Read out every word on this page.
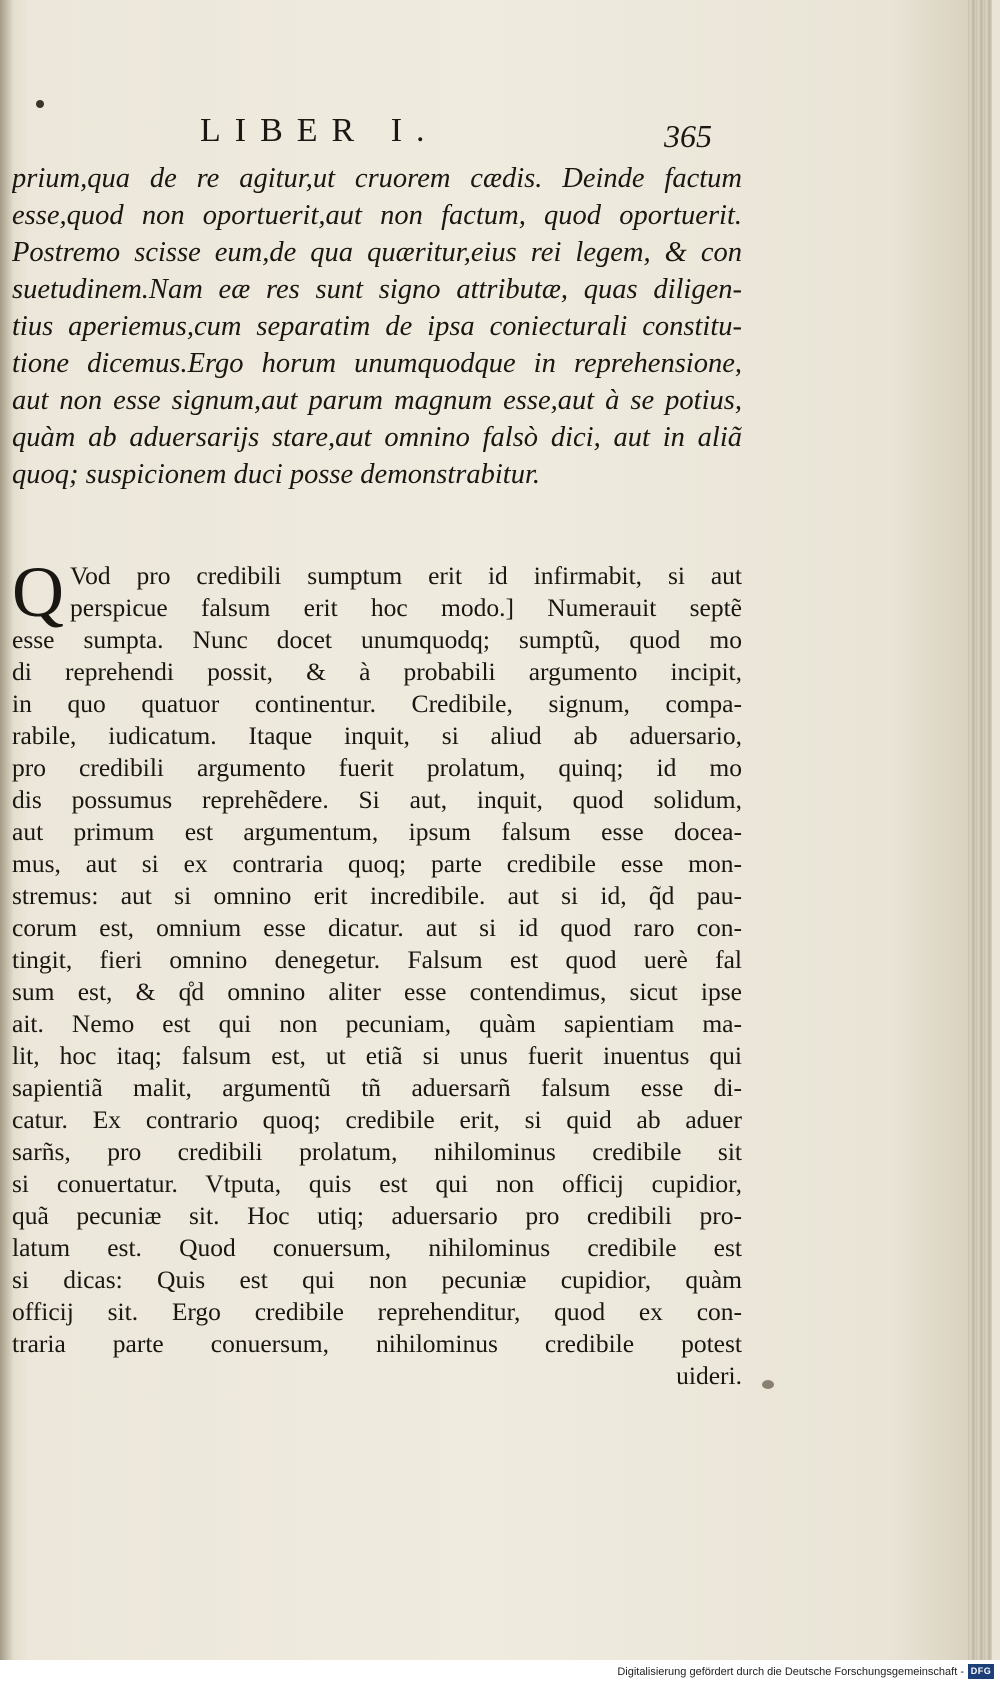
LIBER I.	365
prium,qua de re agitur,ut cruorem cædis. Deinde factum
esse,quod non oportuerit,aut non factum, quod oportuerit.
Postremo scisse eum,de qua quæritur,eius rei legem, & con
suetudinem.Nam eæ res sunt signo attributæ, quas diligen-
tius aperiemus,cum separatim de ipsa coniecturali constitu-
tione dicemus.Ergo horum unumquodque in reprehensione,
aut non esse signum,aut parum magnum esse,aut à se potius,
quàm ab aduersarijs stare,aut omnino falsò dici, aut in aliã
quoq; suspicionem duci posse demonstrabitur.
Q Vod pro credibili sumptum erit id infirmabit, si aut
perspicue falsum erit hoc modo.] Numerauit septẽ
esse sumpta. Nunc docet unumquodq; sumptũ, quod mo
di reprehendi possit, & à probabili argumento incipit,
in quo quatuor continentur. Credibile, signum, compa-
rabile, iudicatum. Itaque inquit, si aliud ab aduersario,
pro credibili argumento fuerit prolatum, quinq; id mo
dis possumus reprehẽdere. Si aut, inquit, quod solidum,
aut primum est argumentum, ipsum falsum esse doceа-
mus, aut si ex contraria quoq; parte credibile esse mon-
stremus: aut si omnino erit incredibile. aut si id, q̃d pau-
corum est, omnium esse dicatur. aut si id quod raro con-
tingit, fieri omnino denegetur. Falsum est quod uerè fal
sum est, & q̊d omnino aliter esse contendimus, sicut ipse
ait. Nemo est qui non pecuniam, quàm sapientiam ma-
lit, hoc itaq; falsum est, ut etiã si unus fuerit inuentus qui
sapientiã malit, argumentũ tñ aduersarñ falsum esse di-
catur. Ex contrario quoq; credibile erit, si quid ab aduer
sarñs, pro credibili prolatum, nihilominus credibile sit
si conuertatur. Vtputa, quis est qui non officij cupidior,
quã pecuniæ sit. Hoc utiq; aduersario pro credibili pro-
latum est. Quod conuersum, nihilominus credibile est
si dicas: Quis est qui non pecuniæ cupidior, quàm
officij sit. Ergo credibile reprehenditur, quod ex con-
traria parte conuersum, nihilominus credibile potest
uideri.
Digitalisierung gefördert durch die Deutsche Forschungsgemeinschaft - DFG
